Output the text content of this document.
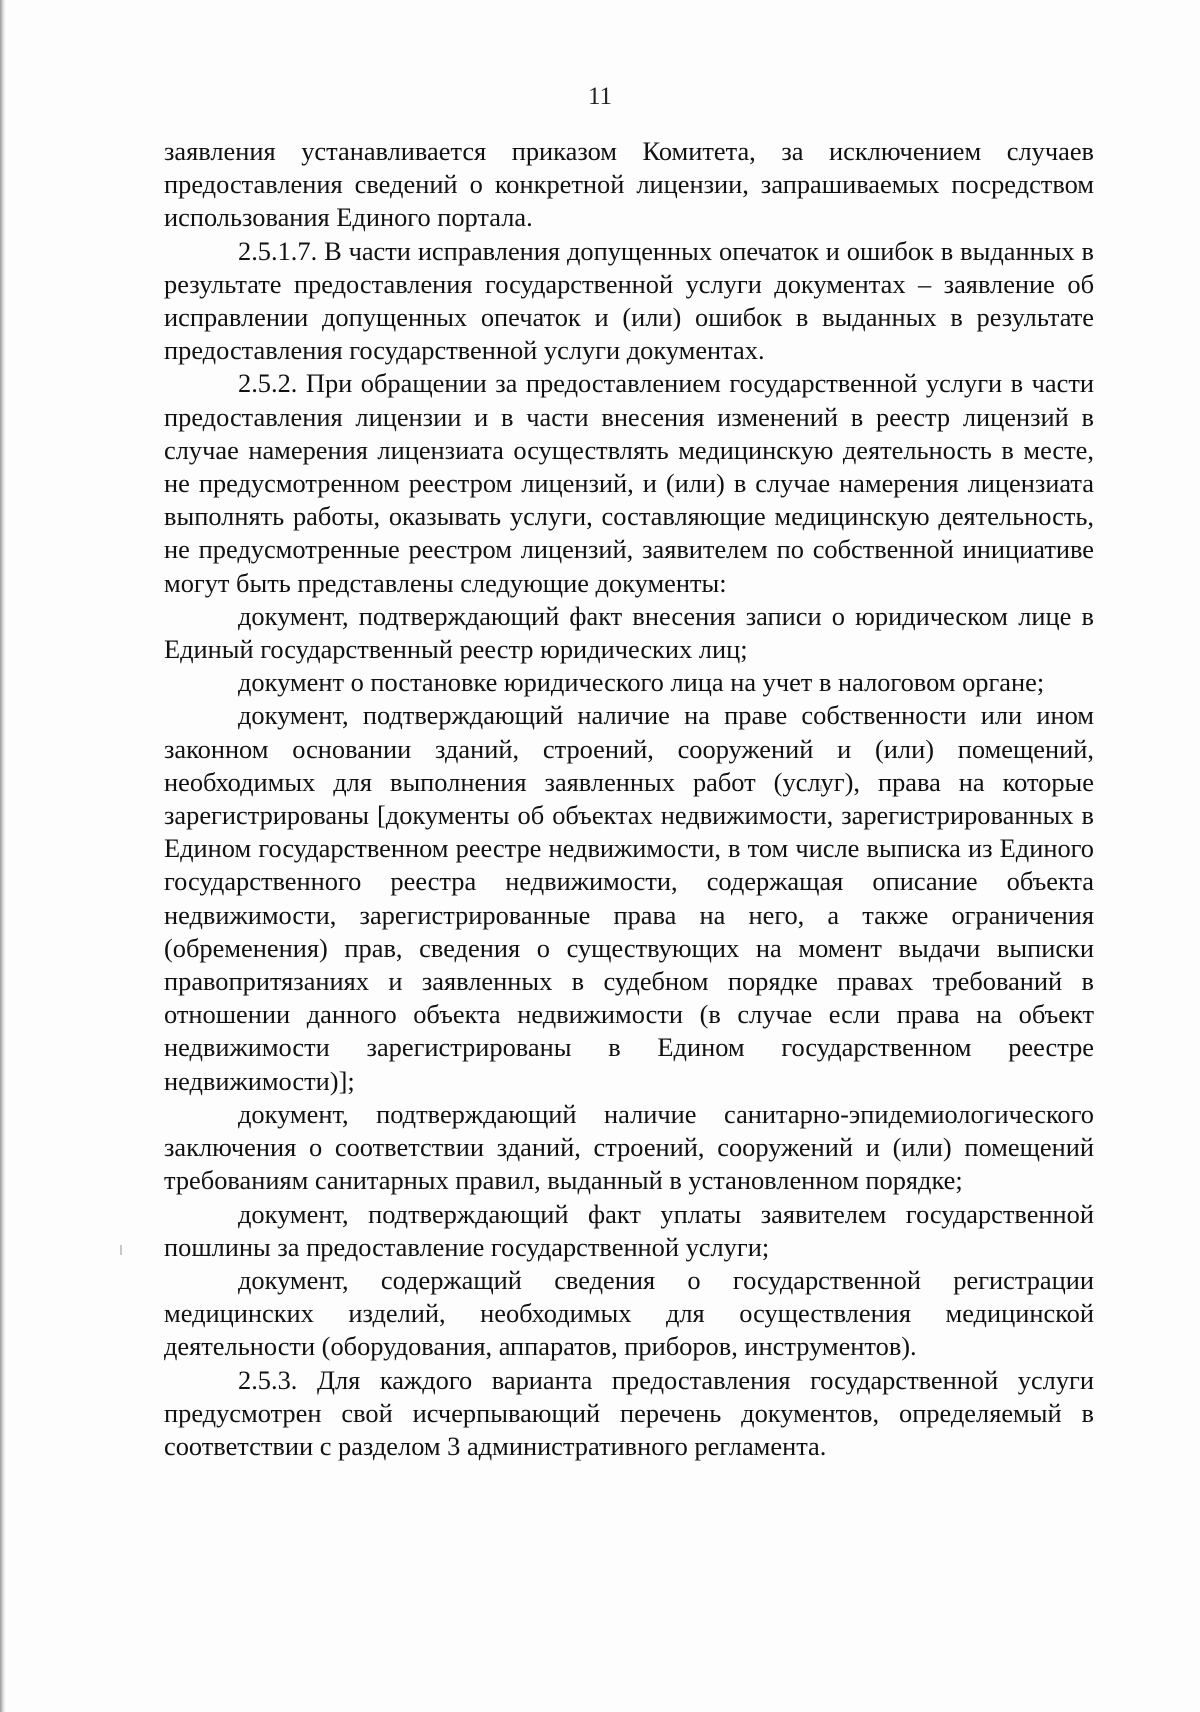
11

заявления устанавливается приказом Комитета, за исключением случаев предоставления сведений о конкретной лицензии, запрашиваемых посредством использования Единого портала.

2.5.1.7. В части исправления допущенных опечаток и ошибок в выданных в результате предоставления государственной услуги документах – заявление об исправлении допущенных опечаток и (или) ошибок в выданных в результате предоставления государственной услуги документах.

2.5.2. При обращении за предоставлением государственной услуги в части предоставления лицензии и в части внесения изменений в реестр лицензий в случае намерения лицензиата осуществлять медицинскую деятельность в месте, не предусмотренном реестром лицензий, и (или) в случае намерения лицензиата выполнять работы, оказывать услуги, составляющие медицинскую деятельность, не предусмотренные реестром лицензий, заявителем по собственной инициативе могут быть представлены следующие документы:

документ, подтверждающий факт внесения записи о юридическом лице в Единый государственный реестр юридических лиц;

документ о постановке юридического лица на учет в налоговом органе;

документ, подтверждающий наличие на праве собственности или ином законном основании зданий, строений, сооружений и (или) помещений, необходимых для выполнения заявленных работ (услуг), права на которые зарегистрированы [документы об объектах недвижимости, зарегистрированных в Едином государственном реестре недвижимости, в том числе выписка из Единого государственного реестра недвижимости, содержащая описание объекта недвижимости, зарегистрированные права на него, а также ограничения (обременения) прав, сведения о существующих на момент выдачи выписки правопритязаниях и заявленных в судебном порядке правах требований в отношении данного объекта недвижимости (в случае если права на объект недвижимости зарегистрированы в Едином государственном реестре недвижимости)];

документ, подтверждающий наличие санитарно-эпидемиологического заключения о соответствии зданий, строений, сооружений и (или) помещений требованиям санитарных правил, выданный в установленном порядке;

документ, подтверждающий факт уплаты заявителем государственной пошлины за предоставление государственной услуги;

документ, содержащий сведения о государственной регистрации медицинских изделий, необходимых для осуществления медицинской деятельности (оборудования, аппаратов, приборов, инструментов).

2.5.3. Для каждого варианта предоставления государственной услуги предусмотрен свой исчерпывающий перечень документов, определяемый в соответствии с разделом 3 административного регламента.
